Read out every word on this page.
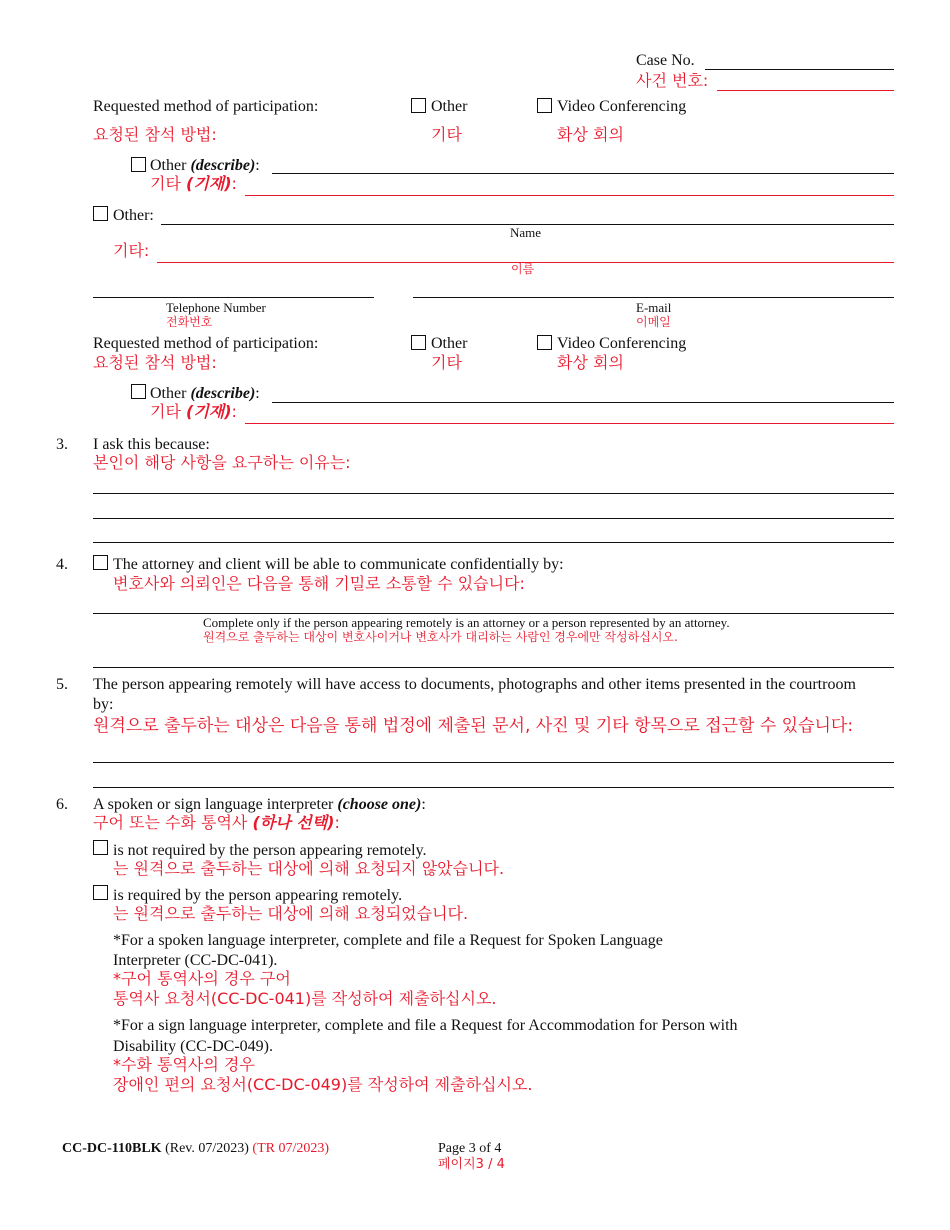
Case No.
사건 번호:
Requested method of participation:	Other	Video Conferencing
요청된 참석 방법:	기타	화상 회의
Other (describe):
기타 (기재):
Other:
Name
기타:
이름
Telephone Number
전화번호
E-mail
이메일
Requested method of participation:	Other	Video Conferencing
요청된 참석 방법:	기타	화상 회의
Other (describe):
기타 (기재):
3. I ask this because:
본인이 해당 사항을 요구하는 이유는:
4.	The attorney and client will be able to communicate confidentially by:
변호사와 의뢰인은 다음을 통해 기밀로 소통할 수 있습니다:
Complete only if the person appearing remotely is an attorney or a person represented by an attorney.
원격으로 출두하는 대상이 변호사이거나 변호사가 대리하는 사람인 경우에만 작성하십시오.
5. The person appearing remotely will have access to documents, photographs and other items presented in the courtroom
by:
원격으로 출두하는 대상은 다음을 통해 법정에 제출된 문서, 사진 및 기타 항목으로 접근할 수 있습니다:
6. A spoken or sign language interpreter (choose one):
구어 또는 수화 통역사 (하나 선택):
is not required by the person appearing remotely.
는 원격으로 출두하는 대상에 의해 요청되지 않았습니다.
is required by the person appearing remotely.
는 원격으로 출두하는 대상에 의해 요청되었습니다.
*For a spoken language interpreter, complete and file a Request for Spoken Language
Interpreter (CC-DC-041).
*구어 통역사의 경우 구어
통역사 요청서(CC-DC-041)를 작성하여 제출하십시오.
*For a sign language interpreter, complete and file a Request for Accommodation for Person with
Disability (CC-DC-049).
*수화 통역사의 경우
장애인 편의 요청서(CC-DC-049)를 작성하여 제출하십시오.
CC-DC-110BLK (Rev. 07/2023) (TR 07/2023)	Page 3 of 4
페이지3 / 4
